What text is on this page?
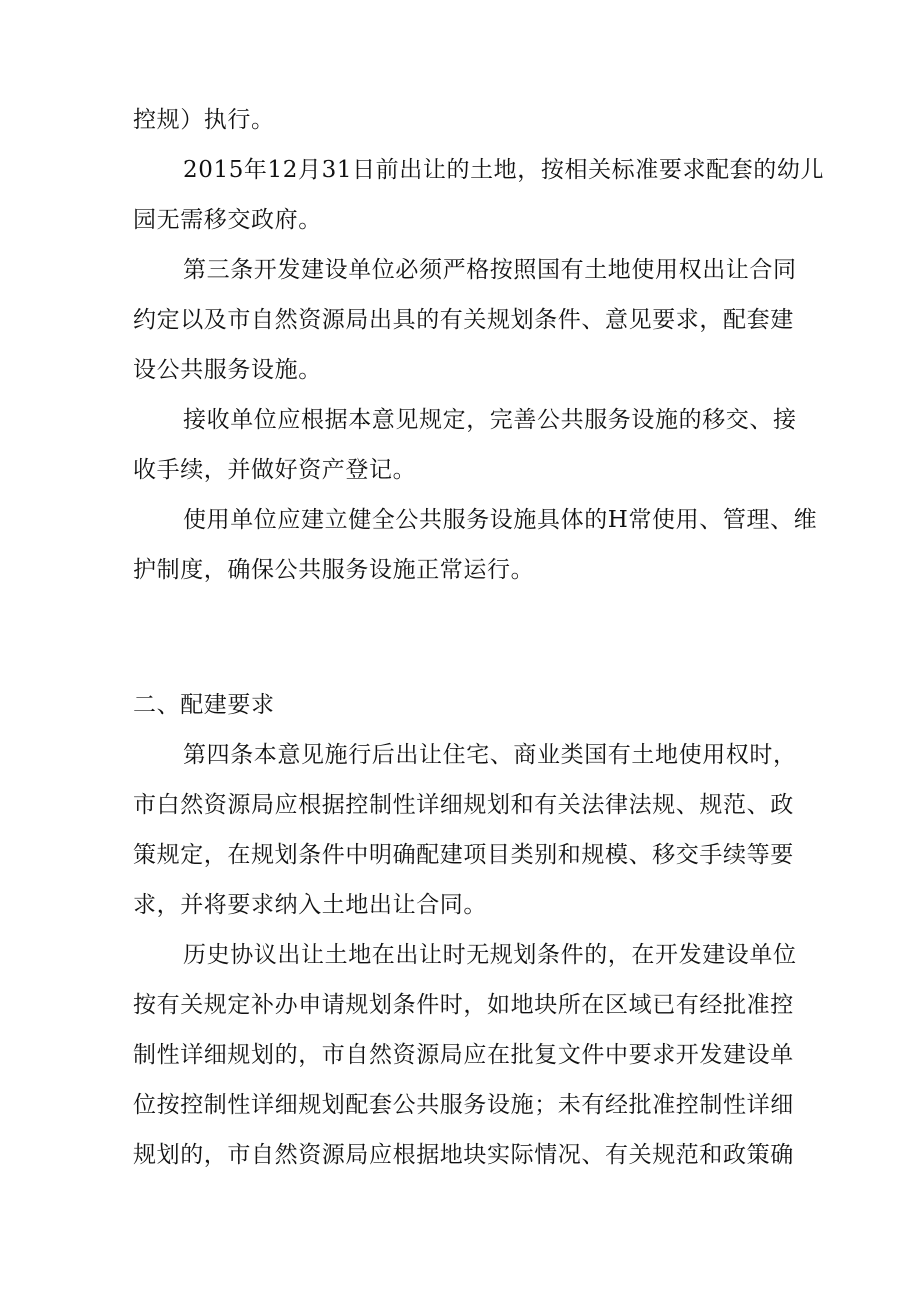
控规）执行。

2015年12月31日前出让的土地，按相关标准要求配套的幼儿

园无需移交政府。

第三条开发建设单位必须严格按照国有土地使用权出让合同

约定以及市自然资源局出具的有关规划条件、意见要求，配套建

设公共服务设施。

接收单位应根据本意见规定，完善公共服务设施的移交、接

收手续，并做好资产登记。

使用单位应建立健全公共服务设施具体的H常使用、管理、维

护制度，确保公共服务设施正常运行。

二、配建要求

第四条本意见施行后出让住宅、商业类国有土地使用权时，

市白然资源局应根据控制性详细规划和有关法律法规、规范、政

策规定，在规划条件中明确配建项目类别和规模、移交手续等要

求，并将要求纳入土地出让合同。

历史协议出让土地在出让时无规划条件的，在开发建设单位

按有关规定补办申请规划条件时，如地块所在区域已有经批准控

制性详细规划的，市自然资源局应在批复文件中要求开发建设单

位按控制性详细规划配套公共服务设施；未有经批准控制性详细

规划的，市自然资源局应根据地块实际情况、有关规范和政策确
